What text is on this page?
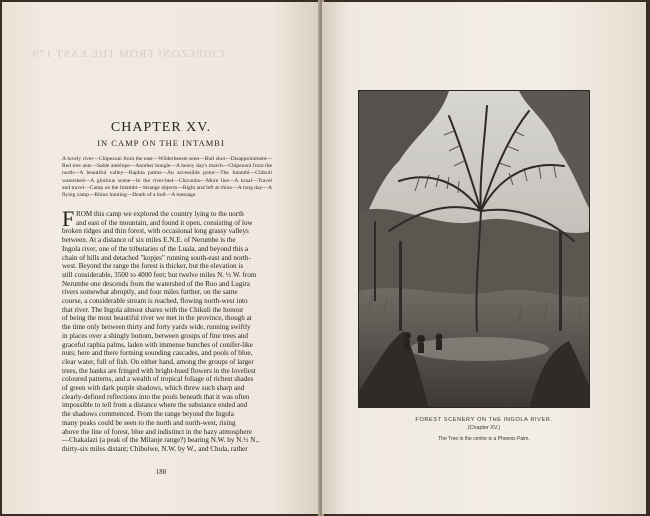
CHIPEZONI FROM THE EAST 179
CHAPTER XV.
IN CAMP ON THE INTAMBI
A lovely river—Chipezoni from the east—Wilderbeeste seen—Bull shot—Disappointment—Red tree ants—Sable antelope—Another bungle—A heavy day's march—Chipezoni from the north—A beautiful valley—Raphia palms—An accessible point—The Intambi—Chikuli watershed—A glorious scene—In the river-bed—Chiconbo—More lies—A kraal—Travel and travel—Camp on the Intambi—Strange objects—Right and left at rhino—A long day—A flying camp—Rhino hunting—Death of a bull—A message.
F ROM this camp we explored the country lying to the north
and east of the mountain, and found it open, consisting of low
broken ridges and thin forest, with occasional long grassy valleys
between. At a distance of six miles E.N.E. of Nerumbe is the
Ingola river, one of the tributaries of the Luala, and beyond this a
chain of hills and detached "kopjes" running south-east and north-
west. Beyond the range the forest is thicker, but the elevation is
still considerable, 3500 to 4000 feet; but twelve miles N. ½ W. from
Nerumbe one descends from the watershed of the Ruo and Lugira
rivers somewhat abruptly, and four miles further, on the same
course, a considerable stream is reached, flowing north-west into
that river. The Ingola almost shares with the Chikuli the honour
of being the most beautiful river we met in the province, though at
the time only between thirty and forty yards wide, running swiftly
in places over a shingly bottom, between groups of fine trees and
graceful raphia palms, laden with immense bunches of conifer-like
nuts; here and there forming sounding cascades, and pools of blue,
clear water, full of fish. On either hand, among the groups of larger
trees, the banks are fringed with bright-hued flowers in the loveliest
coloured patterns, and a wealth of tropical foliage of richest shades
of green with dark purple shadows, which threw such sharp and
clearly-defined reflections into the pools beneath that it was often
impossible to tell from a distance where the substance ended and
the shadows commenced. From the range beyond the Ingola
many peaks could be seen to the north and north-west, rising
above the line of forest, blue and indistinct in the hazy atmosphere
—Chakalazi (a peak of the Milanje range?) bearing N.W. by N.½ N.,
thirty-six miles distant; Chibolwe, N.W. by W., and Chula, rather
180
FOREST SCENERY ON THE INGOLA RIVER.
(Chapter XV.)
The Tree in the centre is a Phoenix Palm.
